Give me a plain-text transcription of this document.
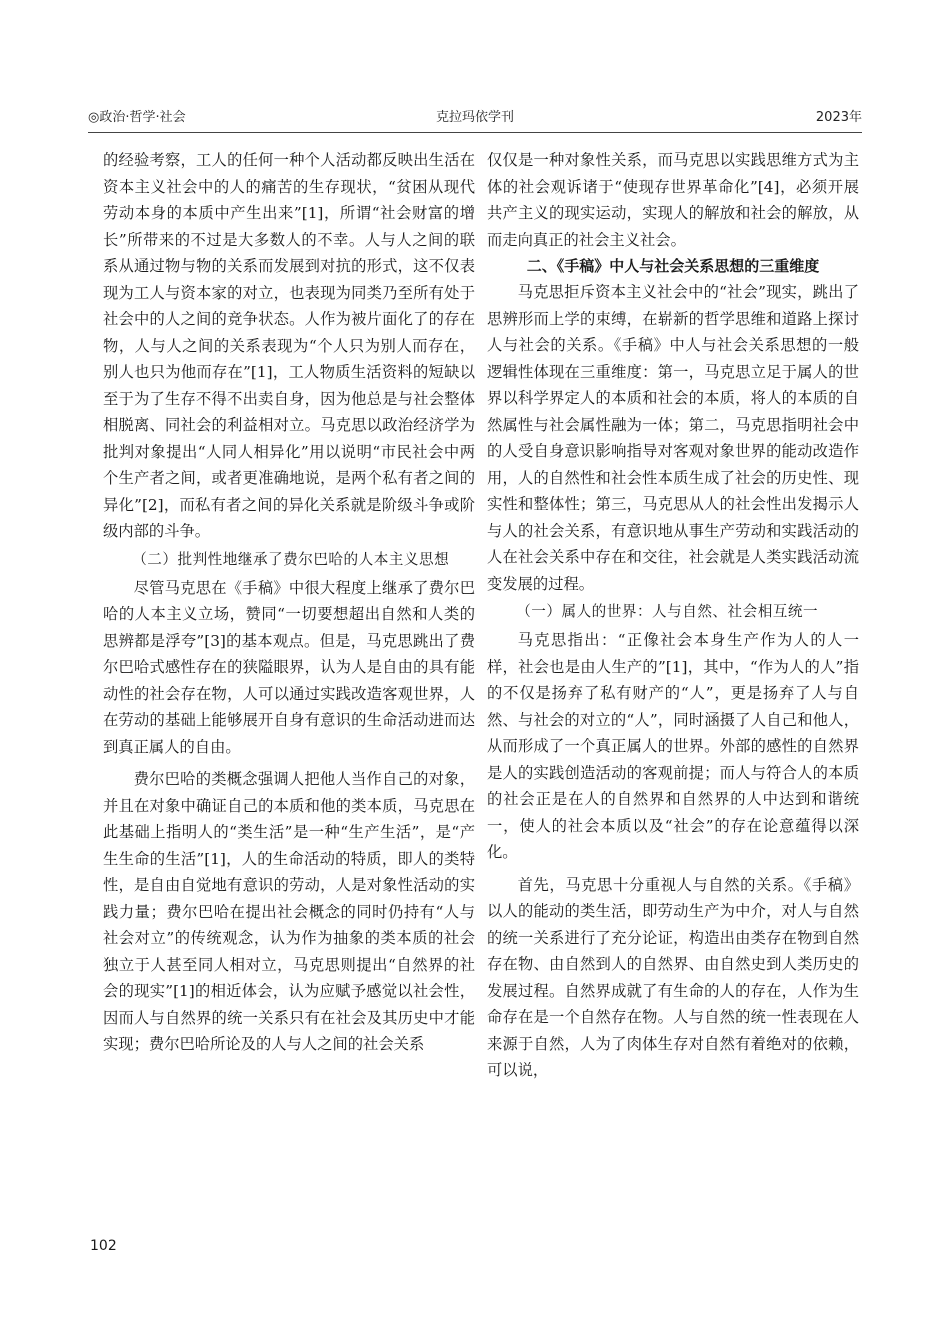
◎政治·哲学·社会	克拉玛依学刊	2023年

的经验考察，工人的任何一种个人活动都反映出生活在资本主义社会中的人的痛苦的生存现状，“贫困从现代劳动本身的本质中产生出来”[1]，所谓“社会财富的增长”所带来的不过是大多数人的不幸。人与人之间的联系从通过物与物的关系而发展到对抗的形式，这不仅表现为工人与资本家的对立，也表现为同类乃至所有处于社会中的人之间的竞争状态。人作为被片面化了的存在物，人与人之间的关系表现为“个人只为别人而存在，别人也只为他而存在”[1]，工人物质生活资料的短缺以至于为了生存不得不出卖自身，因为他总是与社会整体相脱离、同社会的利益相对立。马克思以政治经济学为批判对象提出“人同人相异化”用以说明“市民社会中两个生产者之间，或者更准确地说，是两个私有者之间的异化”[2]，而私有者之间的异化关系就是阶级斗争或阶级内部的斗争。

（二）批判性地继承了费尔巴哈的人本主义思想

尽管马克思在《手稿》中很大程度上继承了费尔巴哈的人本主义立场，赞同“一切要想超出自然和人类的思辨都是浮夸”[3]的基本观点。但是，马克思跳出了费尔巴哈式感性存在的狭隘眼界，认为人是自由的具有能动性的社会存在物，人可以通过实践改造客观世界，人在劳动的基础上能够展开自身有意识的生命活动进而达到真正属人的自由。

费尔巴哈的类概念强调人把他人当作自己的对象，并且在对象中确证自己的本质和他的类本质，马克思在此基础上指明人的“类生活”是一种“生产生活”，是“产生生命的生活”[1]，人的生命活动的特质，即人的类特性，是自由自觉地有意识的劳动，人是对象性活动的实践力量；费尔巴哈在提出社会概念的同时仍持有“人与社会对立”的传统观念，认为作为抽象的类本质的社会独立于人甚至同人相对立，马克思则提出“自然界的社会的现实”[1]的相近体会，认为应赋予感觉以社会性，因而人与自然界的统一关系只有在社会及其历史中才能实现；费尔巴哈所论及的人与人之间的社会关系

仅仅是一种对象性关系，而马克思以实践思维方式为主体的社会观诉诸于“使现存世界革命化”[4]，必须开展共产主义的现实运动，实现人的解放和社会的解放，从而走向真正的社会主义社会。

二、《手稿》中人与社会关系思想的三重维度

马克思拒斥资本主义社会中的“社会”现实，跳出了思辨形而上学的束缚，在崭新的哲学思维和道路上探讨人与社会的关系。《手稿》中人与社会关系思想的一般逻辑性体现在三重维度：第一，马克思立足于属人的世界以科学界定人的本质和社会的本质，将人的本质的自然属性与社会属性融为一体；第二，马克思指明社会中的人受自身意识影响指导对客观对象世界的能动改造作用，人的自然性和社会性本质生成了社会的历史性、现实性和整体性；第三，马克思从人的社会性出发揭示人与人的社会关系，有意识地从事生产劳动和实践活动的人在社会关系中存在和交往，社会就是人类实践活动流变发展的过程。

（一）属人的世界：人与自然、社会相互统一

马克思指出：“正像社会本身生产作为人的人一样，社会也是由人生产的”[1]，其中，“作为人的人”指的不仅是扬弃了私有财产的“人”，更是扬弃了人与自然、与社会的对立的“人”，同时涵摄了人自己和他人，从而形成了一个真正属人的世界。外部的感性的自然界是人的实践创造活动的客观前提；而人与符合人的本质的社会正是在人的自然界和自然界的人中达到和谐统一，使人的社会本质以及“社会”的存在论意蕴得以深化。

首先，马克思十分重视人与自然的关系。《手稿》以人的能动的类生活，即劳动生产为中介，对人与自然的统一关系进行了充分论证，构造出由类存在物到自然存在物、由自然到人的自然界、由自然史到人类历史的发展过程。自然界成就了有生命的人的存在，人作为生命存在是一个自然存在物。人与自然的统一性表现在人来源于自然，人为了肉体生存对自然有着绝对的依赖，可以说，

102
